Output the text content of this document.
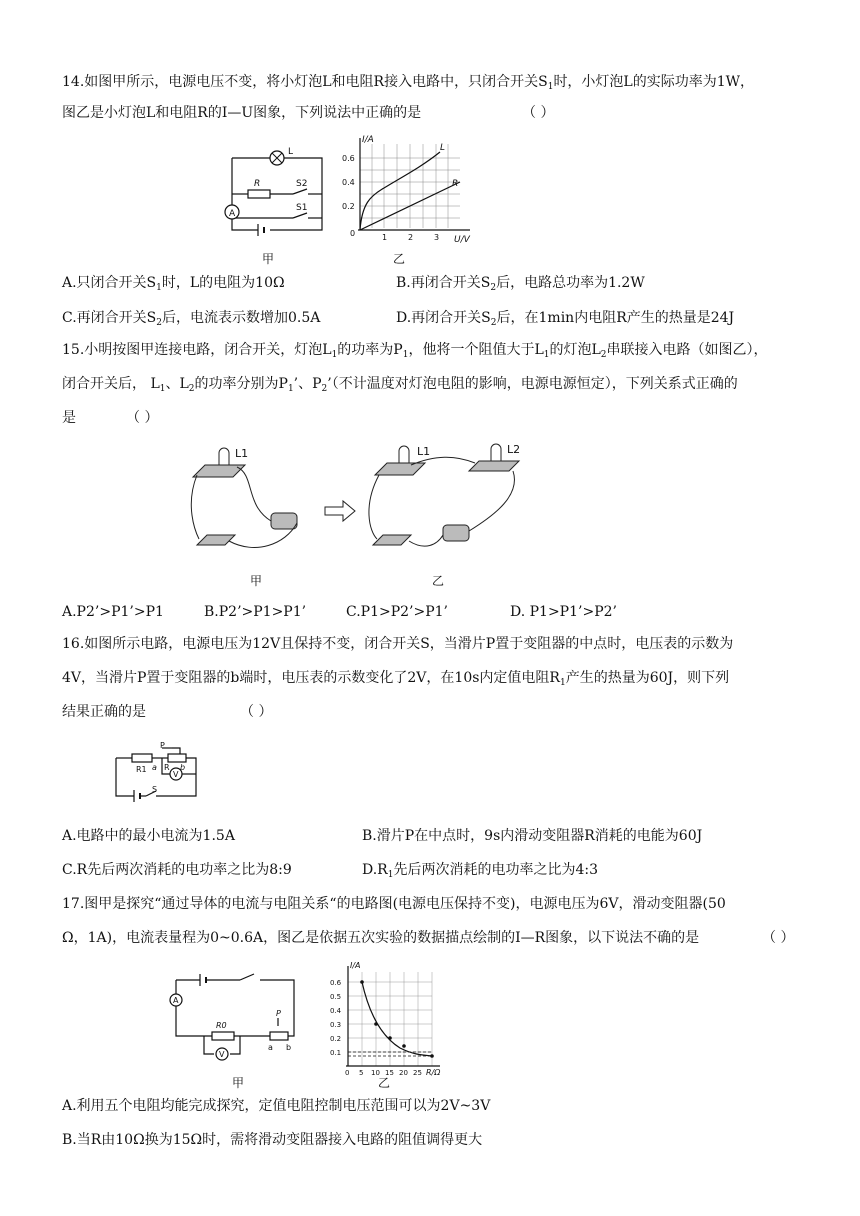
14.如图甲所示，电源电压不变，将小灯泡L和电阻R接入电路中，只闭合开关$S_1$时，小灯泡L的实际功率为1W，
图乙是小灯泡L和电阻R的I—U图象，下列说法中正确的是	（ ）
A
L
R	S2
S1
甲
I/A
0.6
0.4
0.2
0	1	2	3 U/V
L
R
乙
A.只闭合开关$S_1$时，L的电阻为10Ω	B.再闭合开关$S_2$后，电路总功率为1.2W
C.再闭合开关$S_2$后，电流表示数增加0.5A	D.再闭合开关$S_2$后，在1min内电阻R产生的热量是24J
15.小明按图甲连接电路，闭合开关，灯泡$L_1$的功率为$P_1$，他将一个阻值大于$L_1$的灯泡$L_2$串联接入电路（如图乙），
闭合开关后， $L_1$、$L_2$的功率分别为$P_1$’、$P_2$’（不计温度对灯泡电阻的影响，电源电源恒定），下列关系式正确的
是	（ ）
L1	L1	L2
甲	乙
A.P2’>P1’>P1	B.P2’>P1>P1’	C.P1>P2’>P1’	D. P1>P1’>P2’
16.如图所示电路，电源电压为12V且保持不变，闭合开关S，当滑片P置于变阻器的中点时，电压表的示数为
4V，当滑片P置于变阻器的b端时，电压表的示数变化了2V，在10s内定值电阻$R_1$产生的热量为60J，则下列
结果正确的是	（ ）
V
R1
P
a R b
S
A.电路中的最小电流为1.5A	B.滑片P在中点时，9s内滑动变阻器R消耗的电能为60J
C.R先后两次消耗的电功率之比为8:9	$D.R_1$先后两次消耗的电功率之比为4:3
17.图甲是探究“通过导体的电流与电阻关系“的电路图(电源电压保持不变)，电源电压为6V，滑动变阻器(50
Ω，1A)，电流表量程为0~0.6A，图乙是依据五次实验的数据描点绘制的I—R图象，以下说法不确的是	（ ）
A
V
R0
P
a b
甲
I/A
0.6
0.5
0.4
0.3
0.2
0.1
0 5 10 15 20 25 R/Ω
乙
A.利用五个电阻均能完成探究，定值电阻控制电压范围可以为2V~3V
B.当R由10Ω换为15Ω时，需将滑动变阻器接入电路的阻值调得更大
